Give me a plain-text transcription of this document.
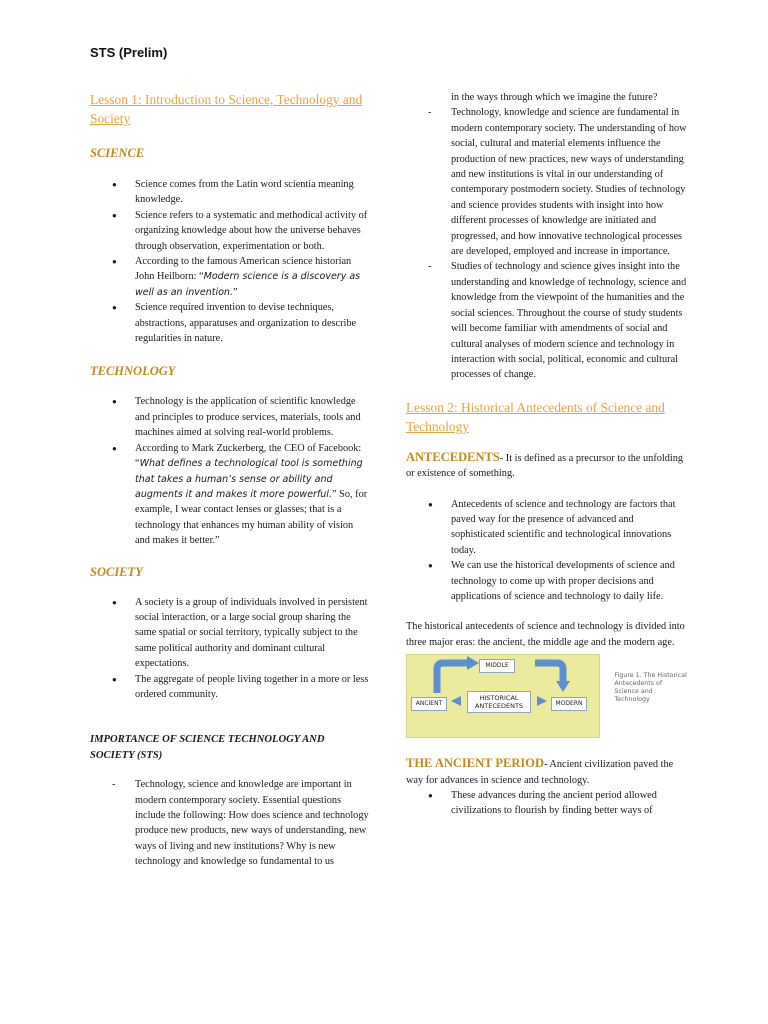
STS (Prelim)

Lesson 1: Introduction to Science, Technology and Society

SCIENCE

● Science comes from the Latin word scientia meaning knowledge.
● Science refers to a systematic and methodical activity of organizing knowledge about how the universe behaves through observation, experimentation or both.
● According to the famous American science historian John Heilborn: “Modern science is a discovery as well as an invention.”
● Science required invention to devise techniques, abstractions, apparatuses and organization to describe regularities in nature.

TECHNOLOGY

● Technology is the application of scientific knowledge and principles to produce services, materials, tools and machines aimed at solving real-world problems.
● According to Mark Zuckerberg, the CEO of Facebook: “What defines a technological tool is something that takes a human’s sense or ability and augments it and makes it more powerful.” So, for example, I wear contact lenses or glasses; that is a technology that enhances my human ability of vision and makes it better.”

SOCIETY

● A society is a group of individuals involved in persistent social interaction, or a large social group sharing the same spatial or social territory, typically subject to the same political authority and dominant cultural expectations.
● The aggregate of people living together in a more or less ordered community.

IMPORTANCE OF SCIENCE TECHNOLOGY AND SOCIETY (STS)

- Technology, science and knowledge are important in modern contemporary society. Essential questions include the following: How does science and technology produce new products, new ways of understanding, new ways of living and new institutions? Why is new technology and knowledge so fundamental to us
in the ways through which we imagine the future?
- Technology, knowledge and science are fundamental in modern contemporary society. The understanding of how social, cultural and material elements influence the production of new practices, new ways of understanding and new institutions is vital in our understanding of contemporary postmodern society. Studies of technology and science provides students with insight into how different processes of knowledge are initiated and progressed, and how innovative technological processes are developed, employed and increase in importance.
- Studies of technology and science gives insight into the understanding and knowledge of technology, science and knowledge from the viewpoint of the humanities and the social sciences. Throughout the course of study students will become familiar with amendments of social and cultural analyses of modern science and technology in interaction with social, political, economic and cultural processes of change.

Lesson 2: Historical Antecedents of Science and Technology

ANTECEDENTS- It is defined as a precursor to the unfolding or existence of something.

● Antecedents of science and technology are factors that paved way for the presence of advanced and sophisticated scientific and technological innovations today.
● We can use the historical developments of science and technology to come up with proper decisions and applications of science and technology to daily life.

The historical antecedents of science and technology is divided into three major eras: the ancient, the middle age and the modern age.

MIDDLE
ANCIENT
HISTORICAL ANTECEDENTS	MODERN
Figure 1. The Historical Antecedents of Science and Technology

THE ANCIENT PERIOD- Ancient civilization paved the way for advances in science and technology.

● These advances during the ancient period allowed civilizations to flourish by finding better ways of
